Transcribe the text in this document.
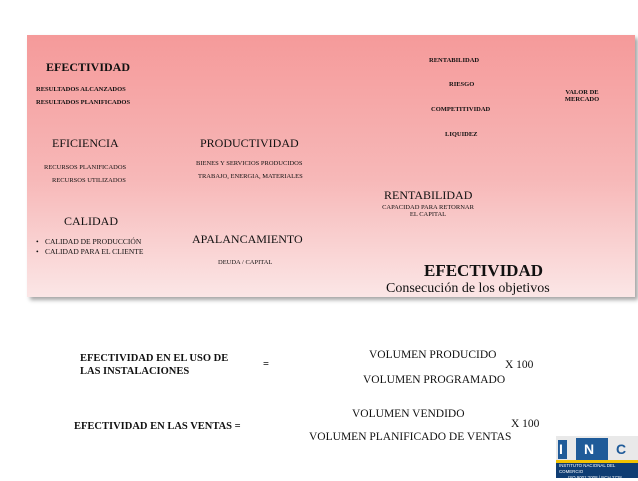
EFECTIVIDAD
RESULTADOS ALCANZADOS
RESULTADOS PLANIFICADOS
RENTABILIDAD
RIESGO
VALOR DE
MERCADO
COMPETITIVIDAD
LIQUIDEZ
EFICIENCIA	PRODUCTIVIDAD
RECURSOS PLANIFICADOS
RECURSOS UTILIZADOS
BIENES Y SERVICIOS PRODUCIDOS
TRABAJO, ENERGIA, MATERIALES
RENTABILIDAD
CAPACIDAD PARA RETORNAR
EL CAPITAL
CALIDAD
• CALIDAD DE PRODUCCIÓN
• CALIDAD PARA EL CLIENTE
APALANCAMIENTO
DEUDA / CAPITAL	EFECTIVIDAD
Consecución de los objetivos
EFECTIVIDAD EN EL USO DE
LAS INSTALACIONES
=
VOLUMEN PRODUCIDO
VOLUMEN PROGRAMADO
X 100
EFECTIVIDAD EN LAS VENTAS =
VOLUMEN VENDIDO
VOLUMEN PLANIFICADO DE VENTAS
X 100
I N C
INSTITUTO NACIONAL DEL COMERCIO
ISO 9001:2008 / NCH 2728
